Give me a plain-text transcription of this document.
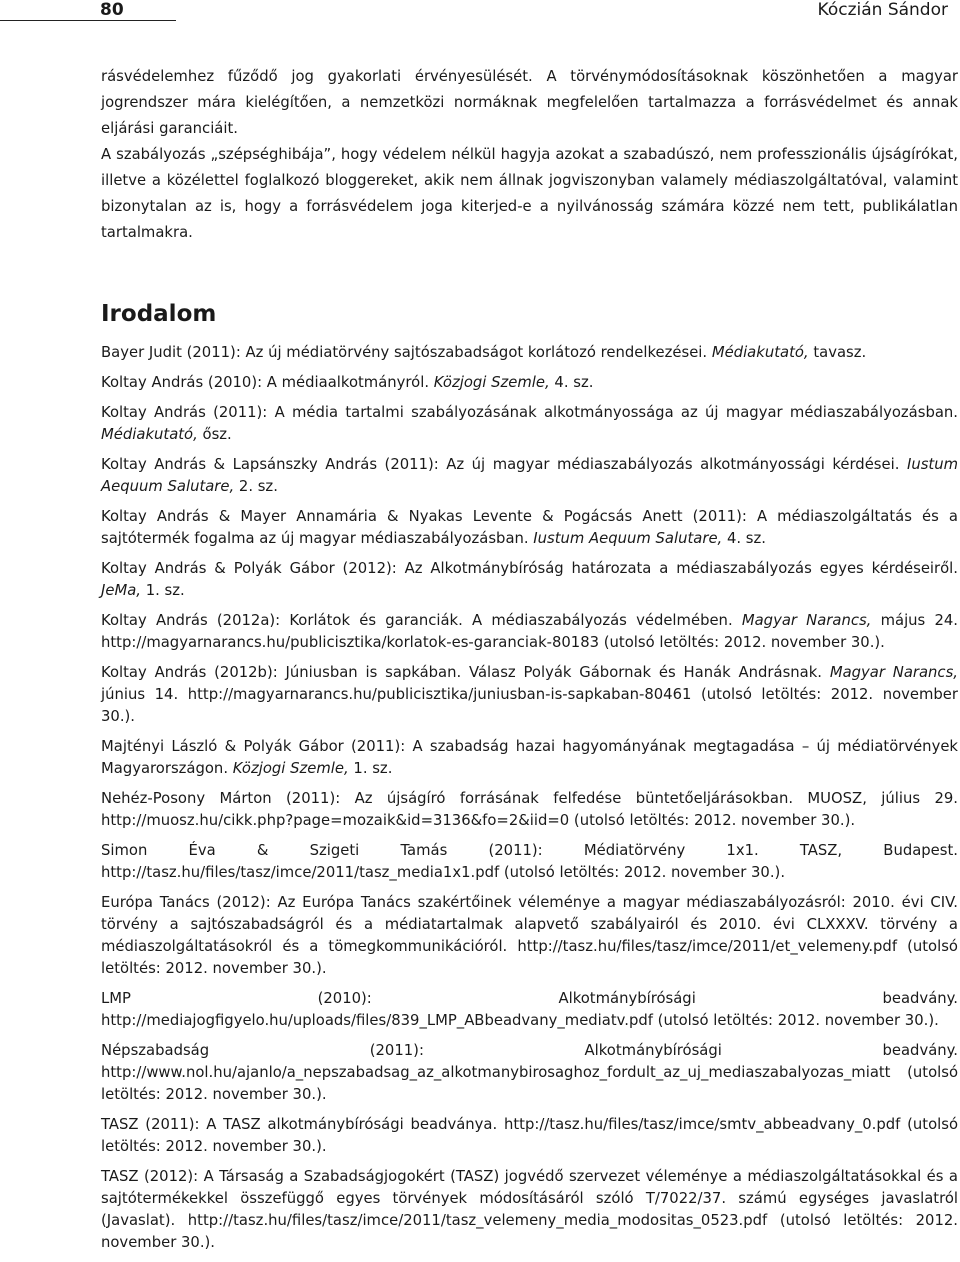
80	Kóczián Sándor

rásvédelemhez fűződő jog gyakorlati érvényesülését. A törvénymódosításoknak köszönhetően a magyar jogrendszer mára kielégítően, a nemzetközi normáknak megfelelően tartalmazza a forrásvédelmet és annak eljárási garanciáit.

A szabályozás „szépséghibája”, hogy védelem nélkül hagyja azokat a szabadúszó, nem professzionális újságírókat, illetve a közélettel foglalkozó bloggereket, akik nem állnak jogviszonyban valamely médiaszolgáltatóval, valamint bizonytalan az is, hogy a forrásvédelem joga kiterjed-e a nyilvánosság számára közzé nem tett, publikálatlan tartalmakra.

Irodalom

Bayer Judit (2011): Az új médiatörvény sajtószabadságot korlátozó rendelkezései. Médiakutató, tavasz.

Koltay András (2010): A médiaalkotmányról. Közjogi Szemle, 4. sz.

Koltay András (2011): A média tartalmi szabályozásának alkotmányossága az új magyar médiaszabályozásban. Médiakutató, ősz.

Koltay András & Lapsánszky András (2011): Az új magyar médiaszabályozás alkotmányossági kérdései. Iustum Aequum Salutare, 2. sz.

Koltay András & Mayer Annamária & Nyakas Levente & Pogácsás Anett (2011): A médiaszolgáltatás és a sajtótermék fogalma az új magyar médiaszabályozásban. Iustum Aequum Salutare, 4. sz.

Koltay András & Polyák Gábor (2012): Az Alkotmánybíróság határozata a médiaszabályozás egyes kérdéseiről. JeMa, 1. sz.

Koltay András (2012a): Korlátok és garanciák. A médiaszabályozás védelmében. Magyar Narancs, május 24. http://magyarnarancs.hu/publicisztika/korlatok-es-garanciak-80183 (utolsó letöltés: 2012. november 30.).

Koltay András (2012b): Júniusban is sapkában. Válasz Polyák Gábornak és Hanák Andrásnak. Magyar Narancs, június 14. http://magyarnarancs.hu/publicisztika/juniusban-is-sapkaban-80461 (utolsó letöltés: 2012. november 30.).

Majtényi László & Polyák Gábor (2011): A szabadság hazai hagyományának megtagadása – új médiatörvények Magyarországon. Közjogi Szemle, 1. sz.

Nehéz-Posony Márton (2011): Az újságíró forrásának felfedése büntetőeljárásokban. MUOSZ, július 29. http://muosz.hu/cikk.php?page=mozaik&id=3136&fo=2&iid=0 (utolsó letöltés: 2012. november 30.).

Simon Éva & Szigeti Tamás (2011): Médiatörvény 1x1. TASZ, Budapest. http://tasz.hu/files/tasz/imce/2011/tasz_media1x1.pdf (utolsó letöltés: 2012. november 30.).

Európa Tanács (2012): Az Európa Tanács szakértőinek véleménye a magyar médiaszabályozásról: 2010. évi CIV. törvény a sajtószabadságról és a médiatartalmak alapvető szabályairól és 2010. évi CLXXXV. törvény a médiaszolgáltatásokról és a tömegkommunikációról. http://tasz.hu/files/tasz/imce/2011/et_velemeny.pdf (utolsó letöltés: 2012. november 30.).

LMP (2010): Alkotmánybírósági beadvány. http://mediajogfigyelo.hu/uploads/files/839_LMP_ABbeadvany_mediatv.pdf (utolsó letöltés: 2012. november 30.).

Népszabadság (2011): Alkotmánybírósági beadvány. http://www.nol.hu/ajanlo/a_nepszabadsag_az_alkotmanybirosaghoz_fordult_az_uj_mediaszabalyozas_miatt (utolsó letöltés: 2012. november 30.).

TASZ (2011): A TASZ alkotmánybírósági beadványa. http://tasz.hu/files/tasz/imce/smtv_abbeadvany_0.pdf (utolsó letöltés: 2012. november 30.).

TASZ (2012): A Társaság a Szabadságjogokért (TASZ) jogvédő szervezet véleménye a médiaszolgáltatásokkal és a sajtótermékekkel összefüggő egyes törvények módosításáról szóló T/7022/37. számú egységes javaslatról (Javaslat). http://tasz.hu/files/tasz/imce/2011/tasz_velemeny_media_modositas_0523.pdf (utolsó letöltés: 2012. november 30.).
